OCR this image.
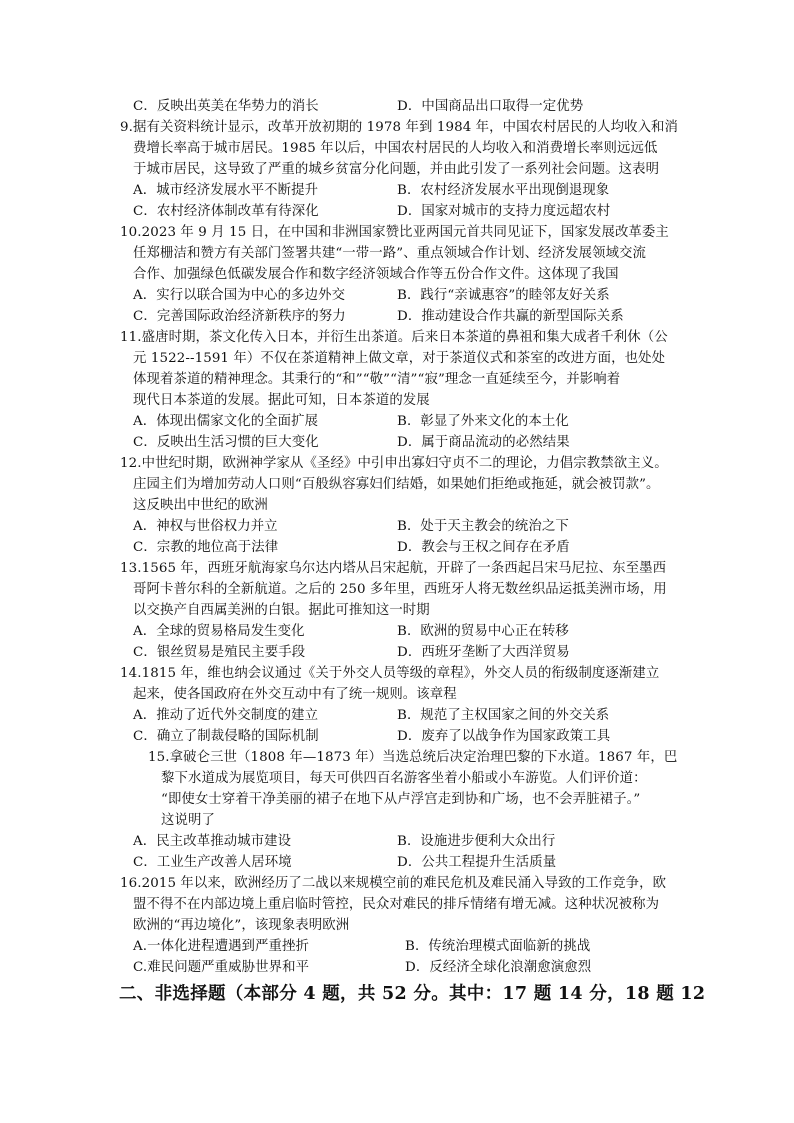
C．反映出英美在华势力的消长	D．中国商品出口取得一定优势
9.据有关资料统计显示，改革开放初期的 1978 年到 1984 年，中国农村居民的人均收入和消
费增长率高于城市居民。1985 年以后，中国农村居民的人均收入和消费增长率则远远低
于城市居民，这导致了严重的城乡贫富分化问题，并由此引发了一系列社会问题。这表明
A．城市经济发展水平不断提升	B．农村经济发展水平出现倒退现象
C．农村经济体制改革有待深化	D．国家对城市的支持力度远超农村
10.2023 年 9 月 15 日，在中国和非洲国家赞比亚两国元首共同见证下，国家发展改革委主
任郑栅洁和赞方有关部门签署共建“一带一路”、重点领域合作计划、经济发展领域交流
合作、加强绿色低碳发展合作和数字经济领域合作等五份合作文件。这体现了我国
A．实行以联合国为中心的多边外交	B．践行“亲诚惠容”的睦邻友好关系
C．完善国际政治经济新秩序的努力	D．推动建设合作共赢的新型国际关系
11.盛唐时期，茶文化传入日本，并衍生出茶道。后来日本茶道的鼻祖和集大成者千利休（公
元 1522--1591 年）不仅在茶道精神上做文章，对于茶道仪式和茶室的改进方面，也处处
体现着茶道的精神理念。其秉行的“和”“敬”“清”“寂”理念一直延续至今，并影响着
现代日本茶道的发展。据此可知，日本茶道的发展
A．体现出儒家文化的全面扩展	B．彰显了外来文化的本土化
C．反映出生活习惯的巨大变化	D．属于商品流动的必然结果
12.中世纪时期，欧洲神学家从《圣经》中引申出寡妇守贞不二的理论，力倡宗教禁欲主义。
庄园主们为增加劳动人口则“百般纵容寡妇们结婚，如果她们拒绝或拖延，就会被罚款”。
这反映出中世纪的欧洲
A．神权与世俗权力并立	B．处于天主教会的统治之下
C．宗教的地位高于法律	D．教会与王权之间存在矛盾
13.1565 年，西班牙航海家乌尔达内塔从吕宋起航，开辟了一条西起吕宋马尼拉、东至墨西
哥阿卡普尔科的全新航道。之后的 250 多年里，西班牙人将无数丝织品运抵美洲市场，用
以交换产自西属美洲的白银。据此可推知这一时期
A．全球的贸易格局发生变化	B．欧洲的贸易中心正在转移
C．银丝贸易是殖民主要手段	D．西班牙垄断了大西洋贸易
14.1815 年，维也纳会议通过《关于外交人员等级的章程》，外交人员的衔级制度逐渐建立
起来，使各国政府在外交互动中有了统一规则。该章程
A．推动了近代外交制度的建立	B．规范了主权国家之间的外交关系
C．确立了制裁侵略的国际机制	D．废弃了以战争作为国家政策工具
15.拿破仑三世（1808 年—1873 年）当选总统后决定治理巴黎的下水道。1867 年，巴
黎下水道成为展览项目，每天可供四百名游客坐着小船或小车游览。人们评价道：
“即使女士穿着干净美丽的裙子在地下从卢浮宫走到协和广场，也不会弄脏裙子。”
这说明了
A．民主改革推动城市建设	B．设施进步便利大众出行
C．工业生产改善人居环境	D．公共工程提升生活质量
16.2015 年以来，欧洲经历了二战以来规模空前的难民危机及难民涌入导致的工作竞争，欧
盟不得不在内部边境上重启临时管控，民众对难民的排斥情绪有增无减。这种状况被称为
欧洲的“再边境化”，该现象表明欧洲
A.一体化进程遭遇到严重挫折	B．传统治理模式面临新的挑战
C.难民问题严重威胁世界和平	D．反经济全球化浪潮愈演愈烈
二、非选择题（本部分 4 题，共 52 分。其中：17 题 14 分，18 题 12
